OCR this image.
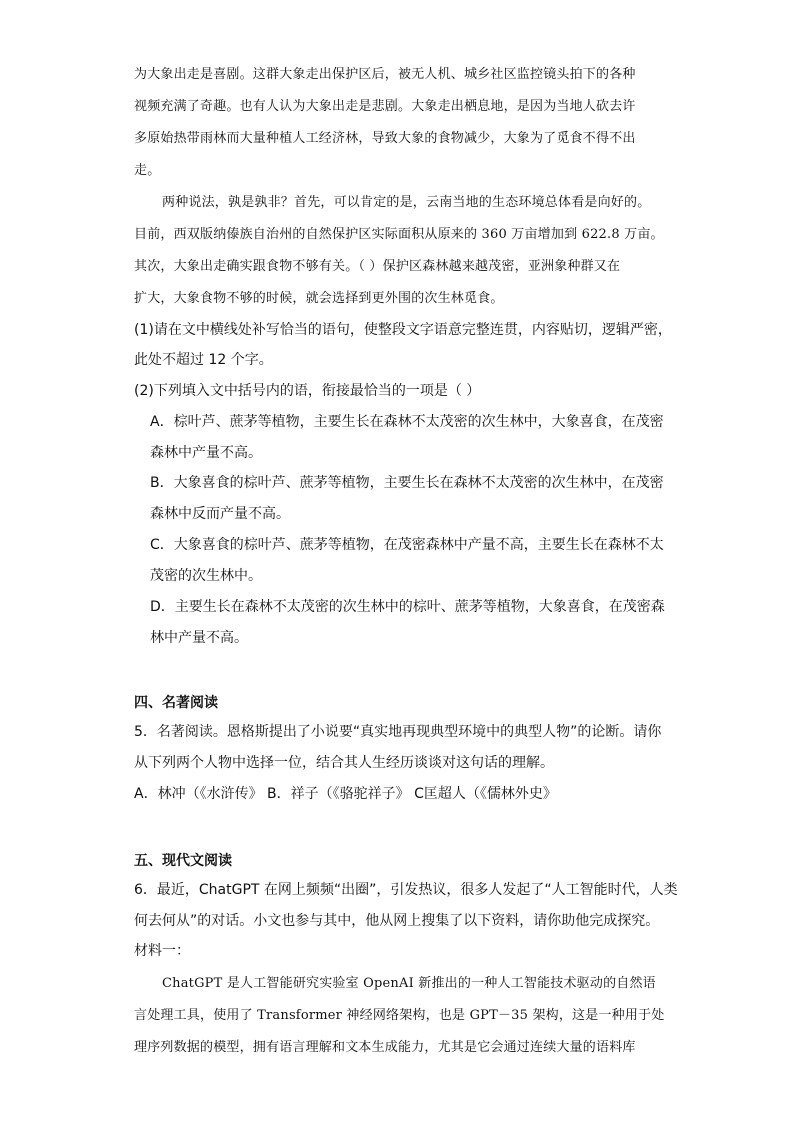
为大象出走是喜剧。这群大象走出保护区后，被无人机、城乡社区监控镜头拍下的各种
视频充满了奇趣。也有人认为大象出走是悲剧。大象走出栖息地，是因为当地人砍去许
多原始热带雨林而大量种植人工经济林，导致大象的食物减少，大象为了觅食不得不出
走。
两种说法，孰是孰非？首先，可以肯定的是，云南当地的生态环境总体看是向好的。
目前，西双版纳傣族自治州的自然保护区实际面积从原来的 360 万亩增加到 622.8 万亩。
其次，大象出走确实跟食物不够有关。（ ）保护区森林越来越茂密，亚洲象种群又在
扩大，大象食物不够的时候，就会选择到更外围的次生林觅食。
(1)请在文中横线处补写恰当的语句，使整段文字语意完整连贯，内容贴切，逻辑严密，
此处不超过 12 个字。
(2)下列填入文中括号内的语，衔接最恰当的一项是（ ）
A．棕叶芦、蔗茅等植物，主要生长在森林不太茂密的次生林中，大象喜食，在茂密
森林中产量不高。
B．大象喜食的棕叶芦、蔗茅等植物，主要生长在森林不太茂密的次生林中，在茂密
森林中反而产量不高。
C．大象喜食的棕叶芦、蔗茅等植物，在茂密森林中产量不高，主要生长在森林不太
茂密的次生林中。
D．主要生长在森林不太茂密的次生林中的棕叶、蔗茅等植物，大象喜食，在茂密森
林中产量不高。
四、名著阅读
5．名著阅读。恩格斯提出了小说要“真实地再现典型环境中的典型人物”的论断。请你
从下列两个人物中选择一位，结合其人生经历谈谈对这句话的理解。
A．林冲（《水浒传》 B．祥子（《骆驼祥子》 C匡超人（《儒林外史》
五、现代文阅读
6．最近，ChatGPT 在网上频频“出圈”，引发热议，很多人发起了“人工智能时代，人类
何去何从”的对话。小文也参与其中，他从网上搜集了以下资料，请你助他完成探究。
材料一：
ChatGPT 是人工智能研究实验室 OpenAI 新推出的一种人工智能技术驱动的自然语
言处理工具，使用了 Transformer 神经网络架构，也是 GPT－35 架构，这是一种用于处
理序列数据的模型，拥有语言理解和文本生成能力，尤其是它会通过连续大量的语料库
